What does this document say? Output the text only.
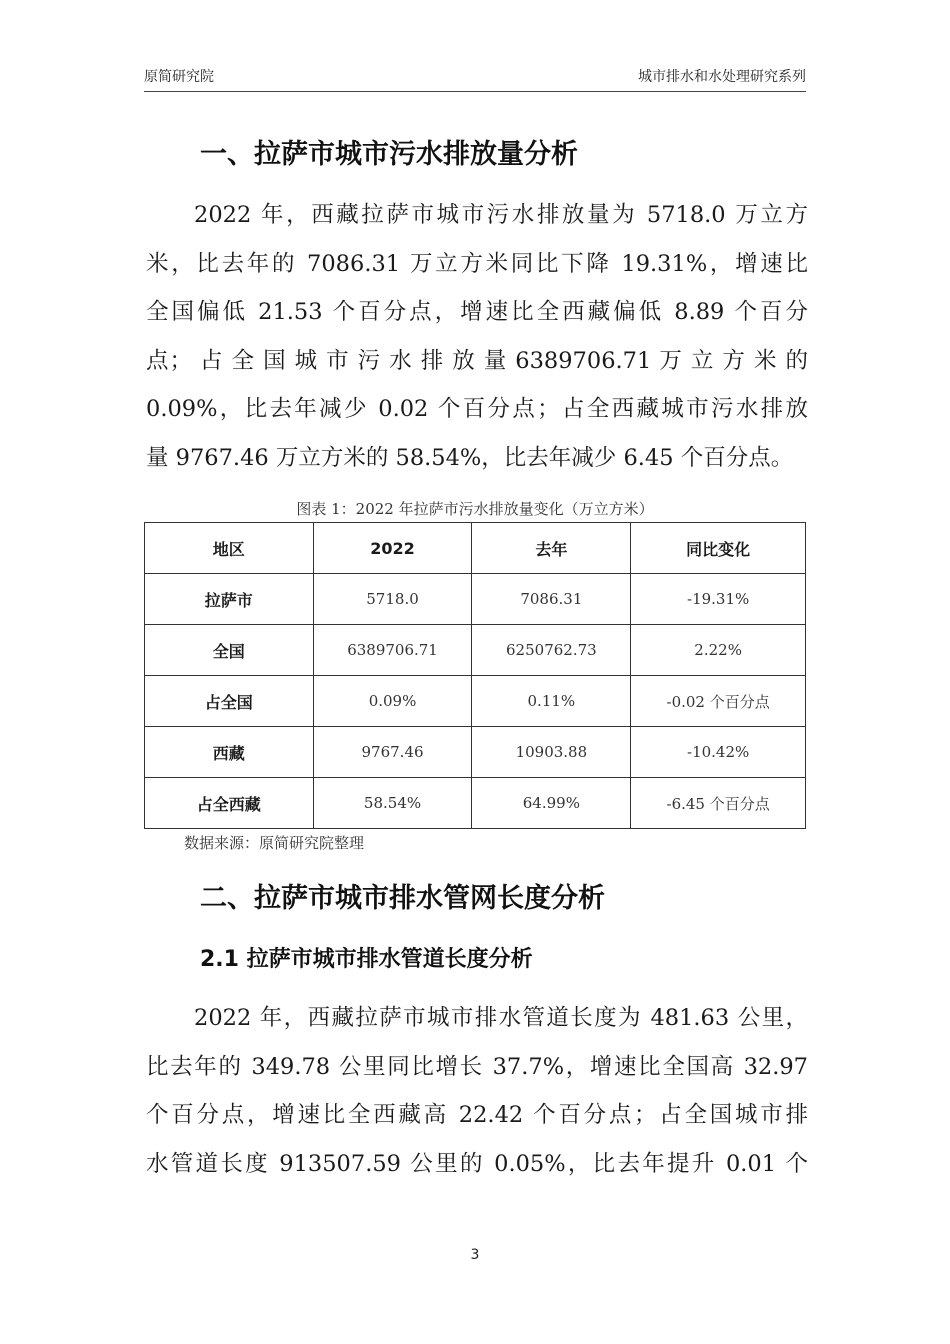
原简研究院	城市排水和水处理研究系列
一、拉萨市城市污水排放量分析
2022 年，西藏拉萨市城市污水排放量为 5718.0 万立方
米，比去年的 7086.31 万立方米同比下降 19.31%，增速比
全国偏低 21.53 个百分点，增速比全西藏偏低 8.89 个百分
点； 占 全 国 城 市 污 水 排 放 量 6389706.71 万 立 方 米 的
0.09%，比去年减少 0.02 个百分点；占全西藏城市污水排放
量 9767.46 万立方米的 58.54%，比去年减少 6.45 个百分点。
图表 1：2022 年拉萨市污水排放量变化（万立方米）
地区	2022	去年	同比变化
拉萨市	5718.0	7086.31	-19.31%
全国	6389706.71	6250762.73	2.22%
占全国	0.09%	0.11%	-0.02 个百分点
西藏	9767.46	10903.88	-10.42%
占全西藏	58.54%	64.99%	-6.45 个百分点
数据来源：原简研究院整理
二、拉萨市城市排水管网长度分析
2.1 拉萨市城市排水管道长度分析
2022 年，西藏拉萨市城市排水管道长度为 481.63 公里，
比去年的 349.78 公里同比增长 37.7%，增速比全国高 32.97
个百分点，增速比全西藏高 22.42 个百分点；占全国城市排
水管道长度 913507.59 公里的 0.05%，比去年提升 0.01 个
3
